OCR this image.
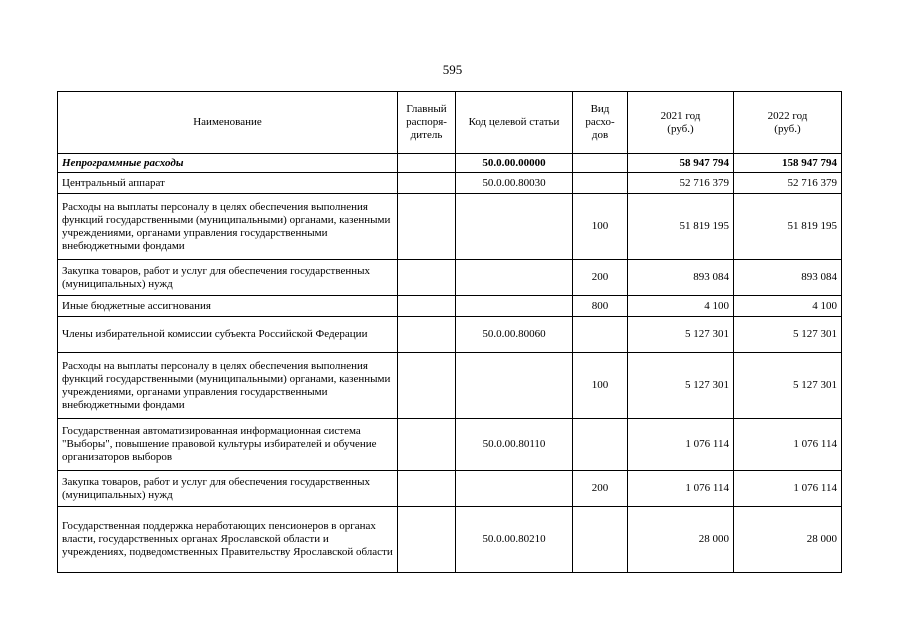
595
Наименование	Главный распоря-дитель	Код целевой статьи	Вид расхо-дов	2021 год (руб.)	2022 год (руб.)
Непрограммные расходы		50.0.00.00000		58 947 794	158 947 794
Центральный аппарат		50.0.00.80030		52 716 379	52 716 379
Расходы на выплаты персоналу в целях обеспечения выполнения функций государственными (муниципальными) органами, казенными учреждениями, органами управления государственными внебюджетными фондами			100	51 819 195	51 819 195
Закупка товаров, работ и услуг для обеспечения государственных (муниципальных) нужд			200	893 084	893 084
Иные бюджетные ассигнования			800	4 100	4 100
Члены избирательной комиссии субъекта Российской Федерации		50.0.00.80060		5 127 301	5 127 301
Расходы на выплаты персоналу в целях обеспечения выполнения функций государственными (муниципальными) органами, казенными учреждениями, органами управления государственными внебюджетными фондами			100	5 127 301	5 127 301
Государственная автоматизированная информационная система "Выборы", повышение правовой культуры избирателей и обучение организаторов выборов		50.0.00.80110		1 076 114	1 076 114
Закупка товаров, работ и услуг для обеспечения государственных (муниципальных) нужд			200	1 076 114	1 076 114
Государственная поддержка неработающих пенсионеров в органах власти, государственных органах Ярославской области и учреждениях, подведомственных Правительству Ярославской области		50.0.00.80210		28 000	28 000
